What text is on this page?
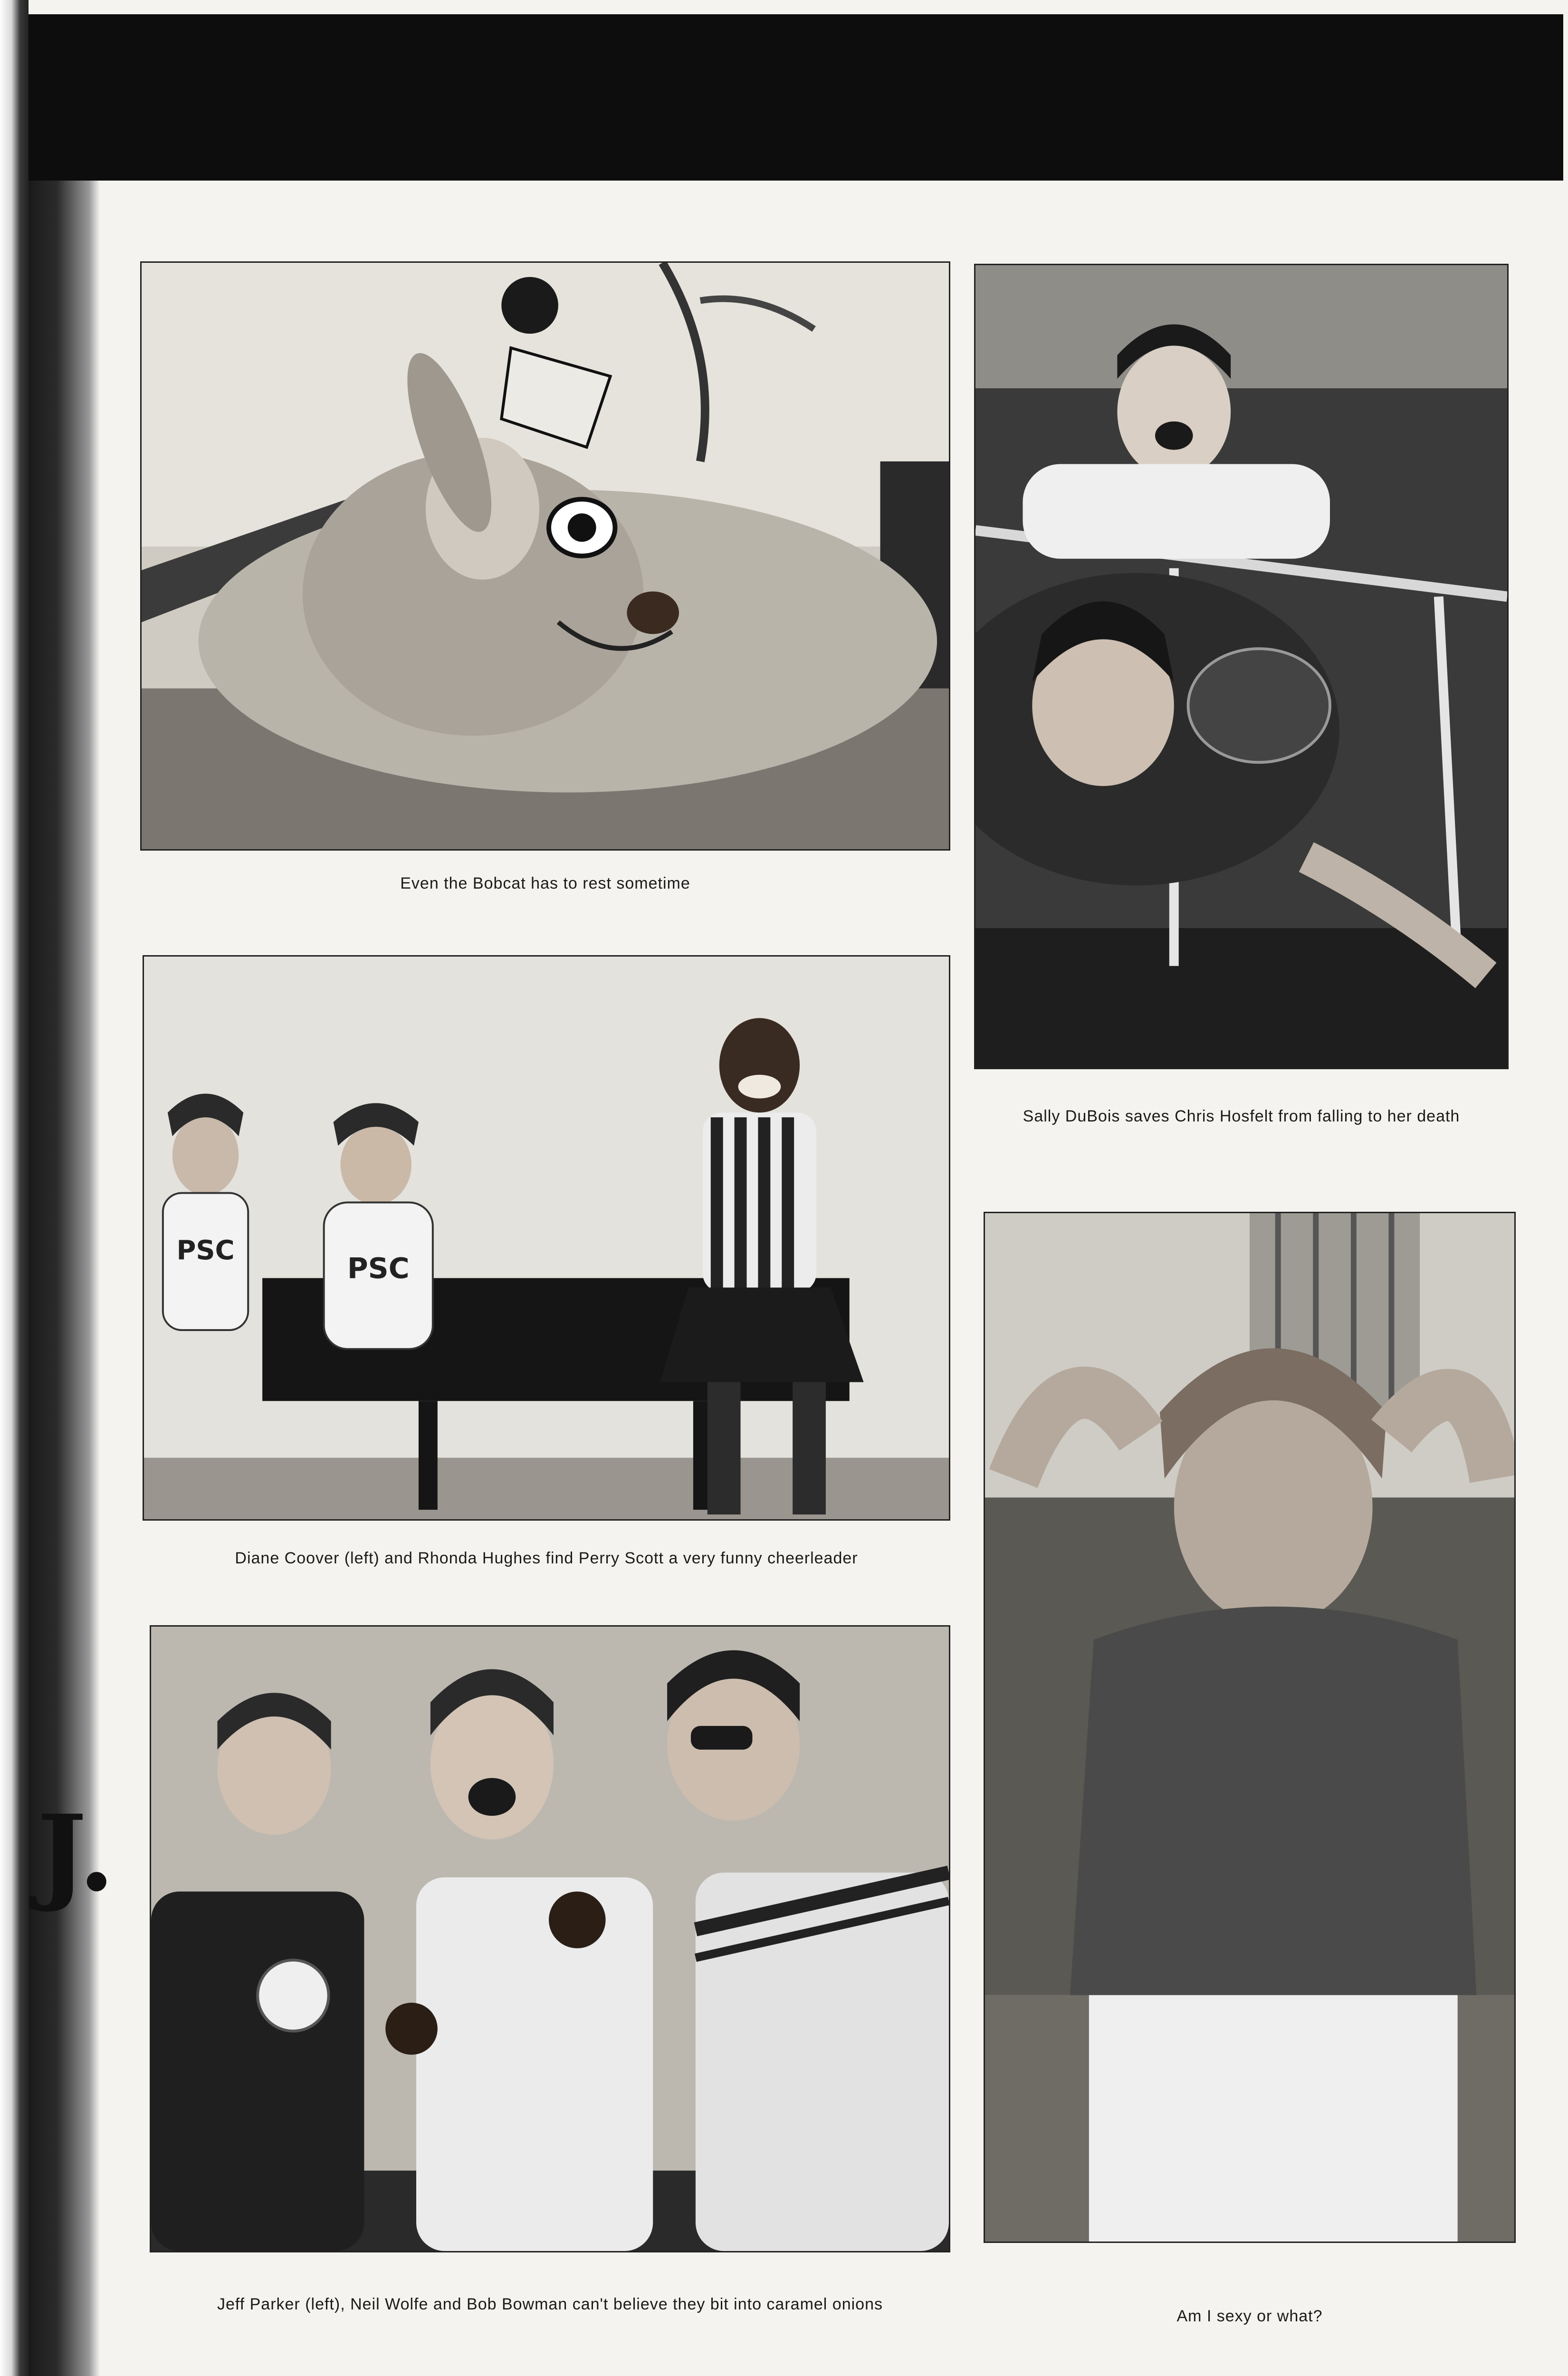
J.
Even the Bobcat has to rest sometime
Sally DuBois saves Chris Hosfelt from falling to her death
PSC
PSC
Diane Coover (left) and Rhonda Hughes find Perry Scott a very funny cheerleader
Jeff Parker (left), Neil Wolfe and Bob Bowman can't believe they bit into caramel onions
Am I sexy or what?
